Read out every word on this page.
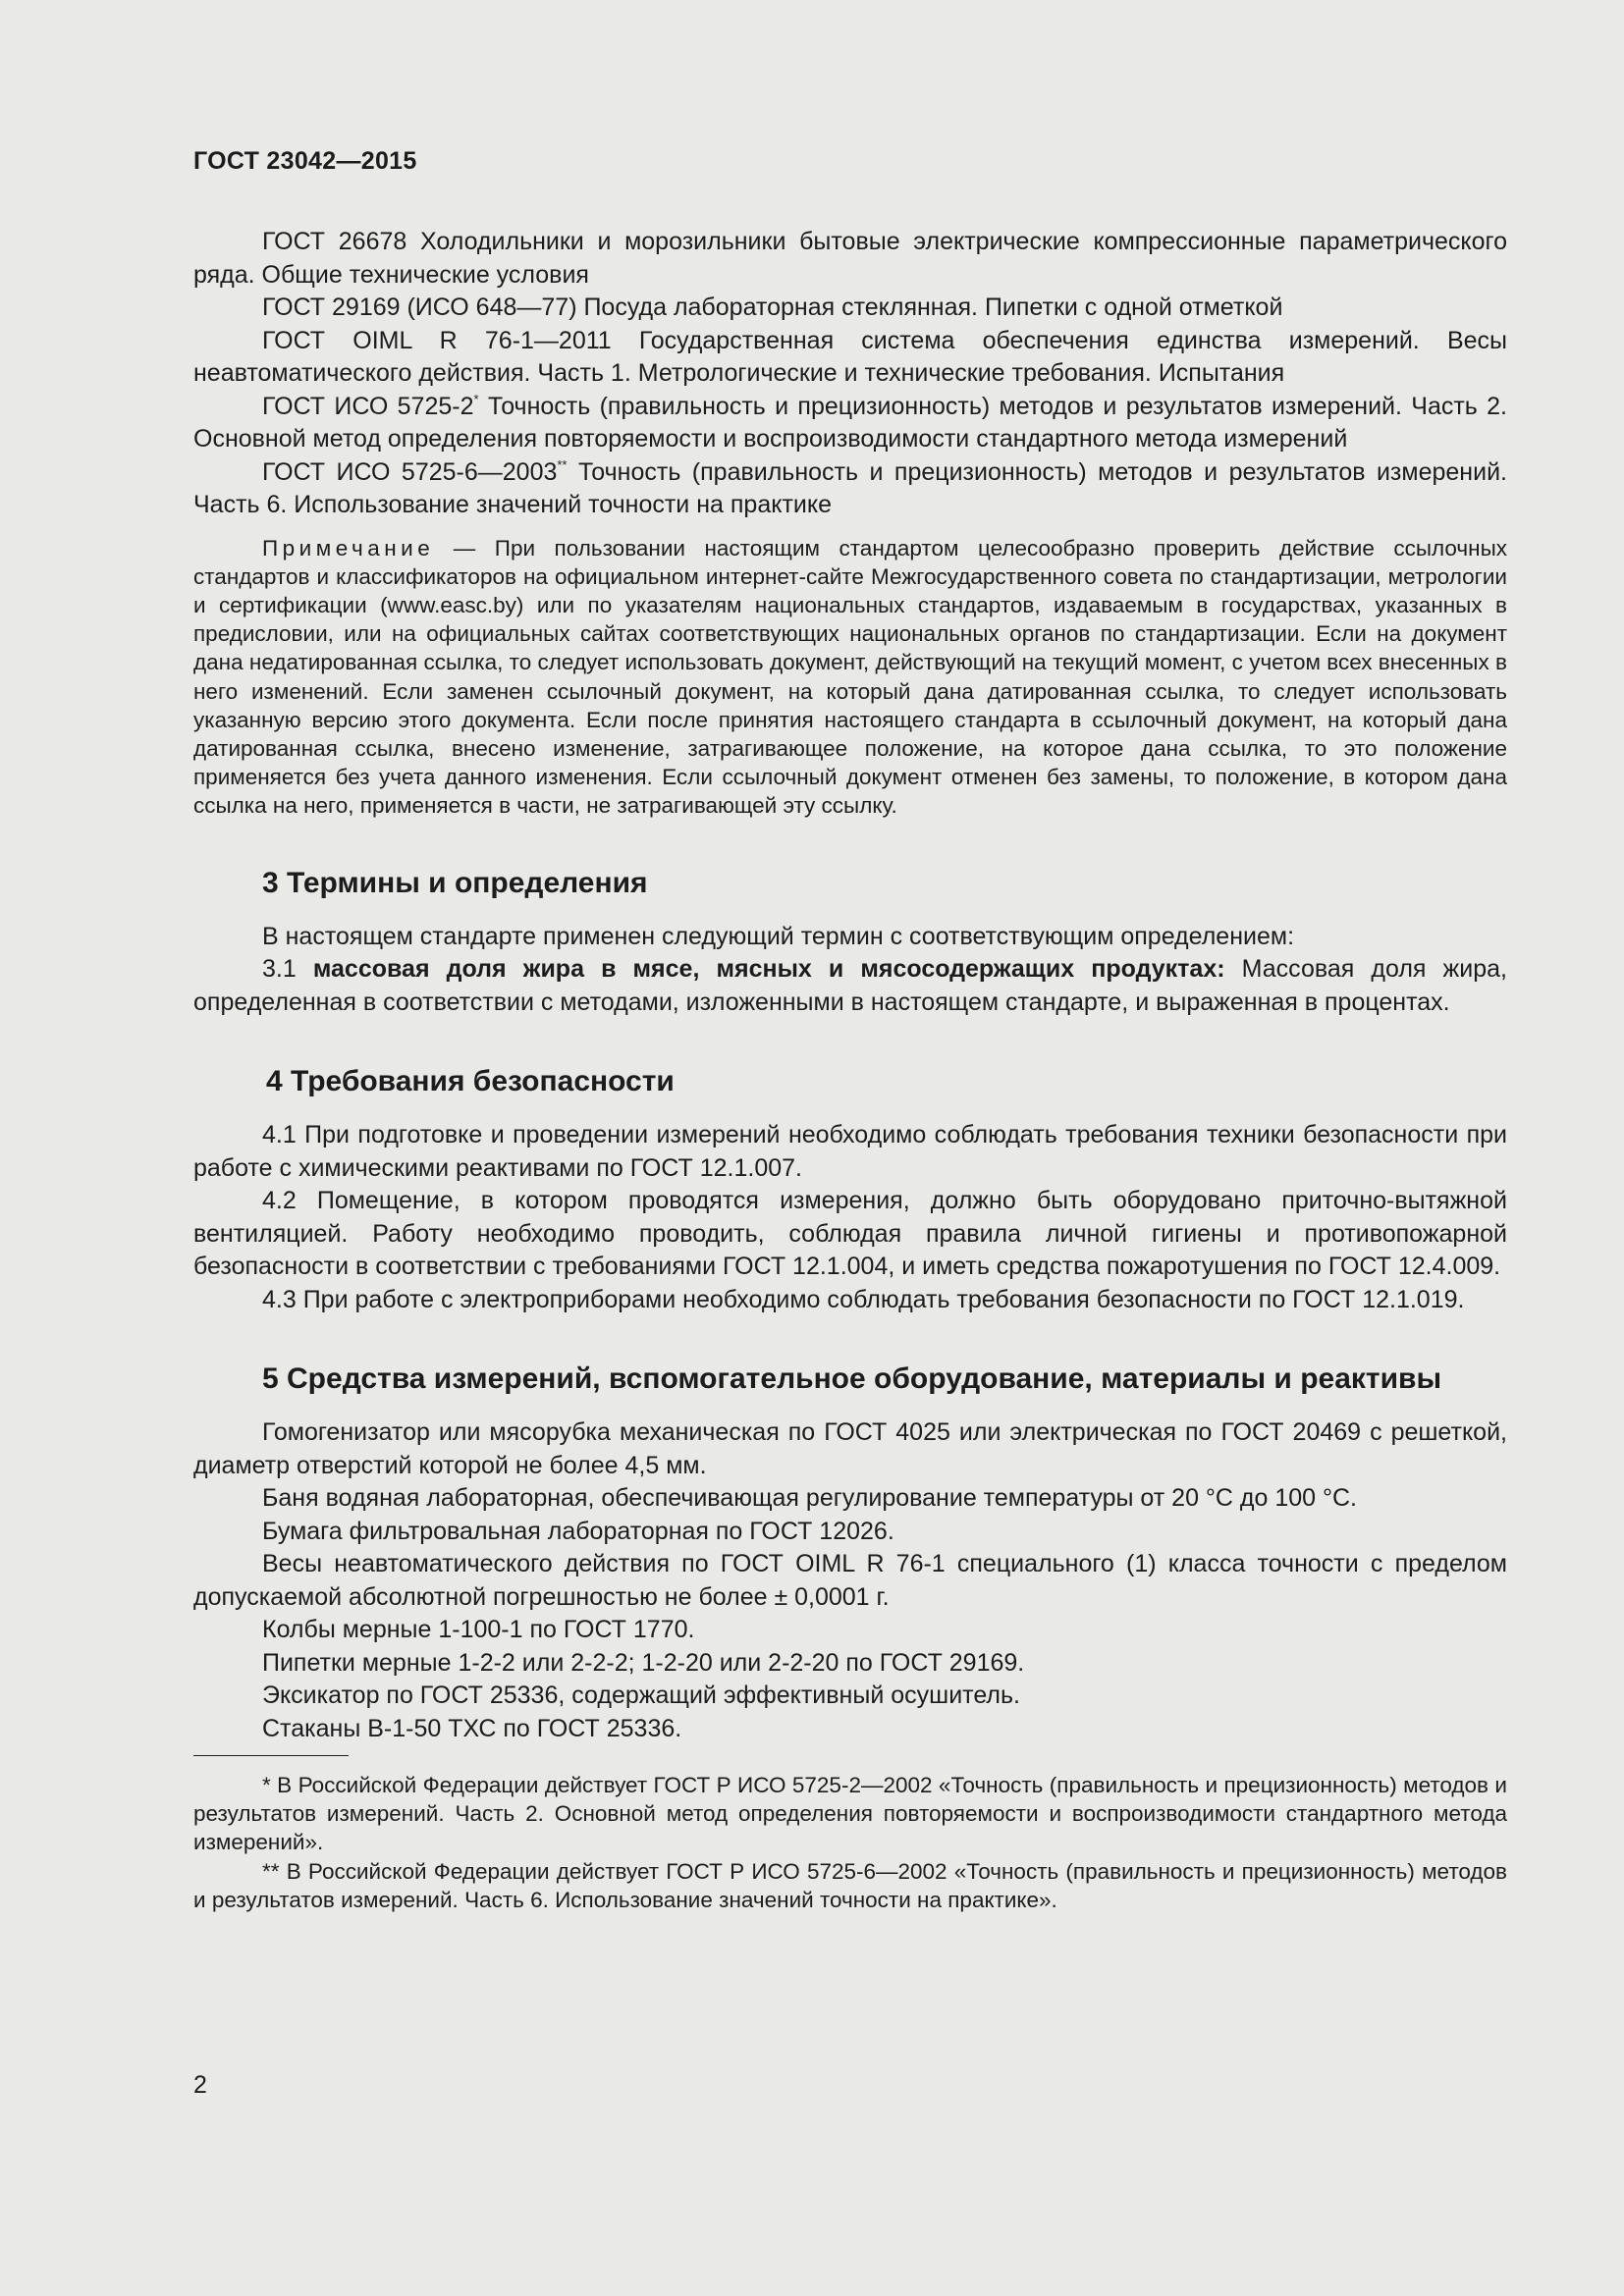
ГОСТ 23042—2015

ГОСТ 26678 Холодильники и морозильники бытовые электрические компрессионные параметрического ряда. Общие технические условия

ГОСТ 29169 (ИСО 648—77) Посуда лабораторная стеклянная. Пипетки с одной отметкой

ГОСТ OIML R 76-1—2011 Государственная система обеспечения единства измерений. Весы неавтоматического действия. Часть 1. Метрологические и технические требования. Испытания

ГОСТ ИСО 5725-2* Точность (правильность и прецизионность) методов и результатов измерений. Часть 2. Основной метод определения повторяемости и воспроизводимости стандартного метода измерений

ГОСТ ИСО 5725-6—2003** Точность (правильность и прецизионность) методов и результатов измерений. Часть 6. Использование значений точности на практике

Примечание — При пользовании настоящим стандартом целесообразно проверить действие ссылочных стандартов и классификаторов на официальном интернет-сайте Межгосударственного совета по стандартизации, метрологии и сертификации (www.easc.by) или по указателям национальных стандартов, издаваемым в государствах, указанных в предисловии, или на официальных сайтах соответствующих национальных органов по стандартизации. Если на документ дана недатированная ссылка, то следует использовать документ, действующий на текущий момент, с учетом всех внесенных в него изменений. Если заменен ссылочный документ, на который дана датированная ссылка, то следует использовать указанную версию этого документа. Если после принятия настоящего стандарта в ссылочный документ, на который дана датированная ссылка, внесено изменение, затрагивающее положение, на которое дана ссылка, то это положение применяется без учета данного изменения. Если ссылочный документ отменен без замены, то положение, в котором дана ссылка на него, применяется в части, не затрагивающей эту ссылку.
3 Термины и определения

В настоящем стандарте применен следующий термин с соответствующим определением:

3.1 массовая доля жира в мясе, мясных и мясосодержащих продуктах: Массовая доля жира, определенная в соответствии с методами, изложенными в настоящем стандарте, и выраженная в процентах.

4 Требования безопасности

4.1 При подготовке и проведении измерений необходимо соблюдать требования техники безопасности при работе с химическими реактивами по ГОСТ 12.1.007.

4.2 Помещение, в котором проводятся измерения, должно быть оборудовано приточно-вытяжной вентиляцией. Работу необходимо проводить, соблюдая правила личной гигиены и противопожарной безопасности в соответствии с требованиями ГОСТ 12.1.004, и иметь средства пожаротушения по ГОСТ 12.4.009.

4.3 При работе с электроприборами необходимо соблюдать требования безопасности по ГОСТ 12.1.019.

5 Средства измерений, вспомогательное оборудование, материалы и реактивы

Гомогенизатор или мясорубка механическая по ГОСТ 4025 или электрическая по ГОСТ 20469 с решеткой, диаметр отверстий которой не более 4,5 мм.

Баня водяная лабораторная, обеспечивающая регулирование температуры от 20 °С до 100 °С.

Бумага фильтровальная лабораторная по ГОСТ 12026.

Весы неавтоматического действия по ГОСТ OIML R 76-1 специального (1) класса точности с пределом допускаемой абсолютной погрешностью не более ± 0,0001 г.

Колбы мерные 1-100-1 по ГОСТ 1770.

Пипетки мерные 1-2-2 или 2-2-2; 1-2-20 или 2-2-20 по ГОСТ 29169.

Эксикатор по ГОСТ 25336, содержащий эффективный осушитель.

Стаканы В-1-50 ТХС по ГОСТ 25336.

* В Российской Федерации действует ГОСТ Р ИСО 5725-2—2002 «Точность (правильность и прецизионность) методов и результатов измерений. Часть 2. Основной метод определения повторяемости и воспроизводимости стандартного метода измерений».

** В Российской Федерации действует ГОСТ Р ИСО 5725-6—2002 «Точность (правильность и прецизионность) методов и результатов измерений. Часть 6. Использование значений точности на практике».

2
